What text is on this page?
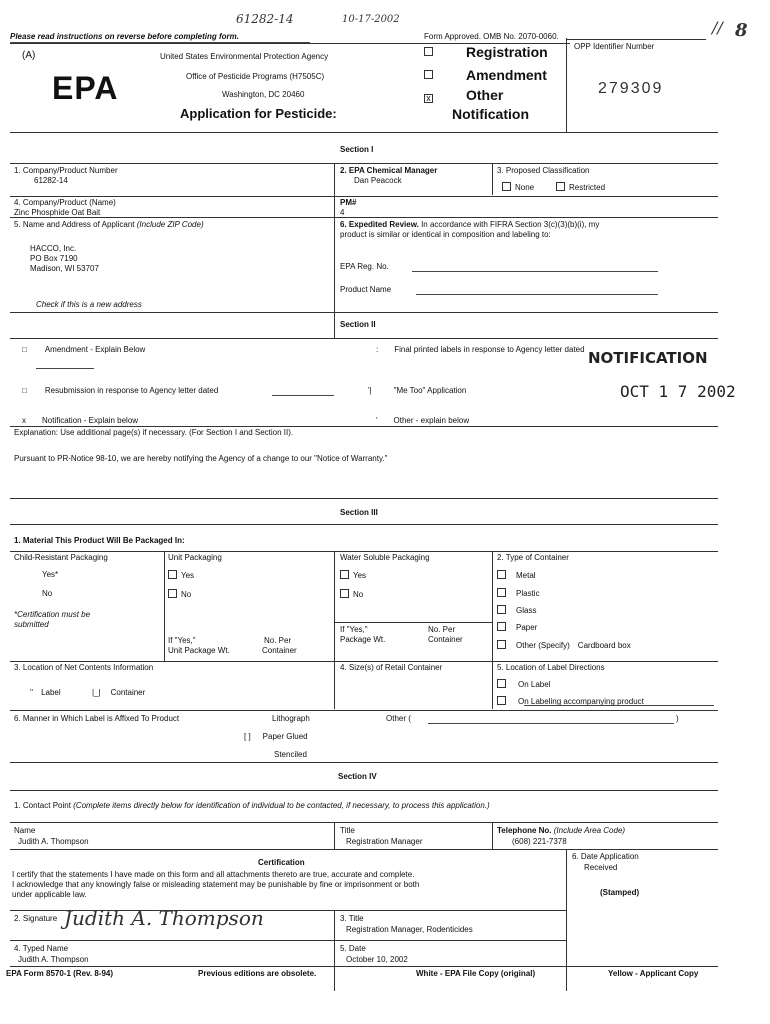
61282-14	10-17-2002
8
//
Please read instructions on reverse before completing form.	Form Approved. OMB No. 2070-0060.
(A)
EPA
United States Environmental Protection Agency
Office of Pesticide Programs (H7505C)
Washington, DC 20460
Application for Pesticide:
Registration
Amendment
x	Other
Notification
OPP Identifier Number
279309
Section I
1. Company/Product Number
61282-14
2. EPA Chemical Manager
Dan Peacock
3. Proposed Classification
None	Restricted
4. Company/Product (Name)
Zinc Phosphide Oat Bait
PM#
4
5. Name and Address of Applicant (Include ZIP Code)
HACCO, Inc.
PO Box 7190
Madison, WI 53707
Check if this is a new address
6. Expedited Review. In accordance with FIFRA Section 3(c)(3)(b)(i), my
product is similar or identical in composition and labeling to:
EPA Reg. No.
Product Name
Section II
□ Amendment - Explain Below	: Final printed labels in response to Agency letter dated NOTIFICATION
□ Resubmission in response to Agency letter dated	'|	"Me Too" Application	OCT 1 7 2002
x Notification - Explain below	' Other - explain below
Explanation: Use additional page(s) if necessary. (For Section I and Section II).
Pursuant to PR-Notice 98-10, we are hereby notifying the Agency of a change to our "Notice of Warranty."
Section III
1. Material This Product Will Be Packaged In:
Child-Resistant Packaging
Yes*
No
*Certification must be
submitted
Unit Packaging
Yes
No
If "Yes,"
Unit Package Wt.
No. Per
Container
Water Soluble Packaging
Yes
No
If "Yes,"
Package Wt.
No. Per
Container
2. Type of Container
Metal
Plastic
Glass
Paper
Other (Specify) Cardboard box
3. Location of Net Contents Information
'' Label	|_| Container
4. Size(s) of Retail Container	5. Location of Label Directions
On Label
On Labeling accompanying product
6. Manner in Which Label is Affixed To Product	Lithograph
[ ] Paper Glued
Stenciled
Other (	)
Section IV
1. Contact Point (Complete items directly below for identification of individual to be contacted, if necessary, to process this application.)
Name
Judith A. Thompson
Title
Registration Manager
Telephone No. (Include Area Code)
(608) 221-7378
Certification
I certify that the statements I have made on this form and all attachments thereto are true, accurate and complete.
I acknowledge that any knowingly false or misleading statement may be punishable by fine or imprisonment or both
under applicable law.
6. Date Application
Received
(Stamped)
2. Signature Judith A. Thompson	3. Title
Registration Manager, Rodenticides
4. Typed Name
Judith A. Thompson
5. Date
October 10, 2002
EPA Form 8570-1 (Rev. 8-94)	Previous editions are obsolete.	White - EPA File Copy (original)	Yellow - Applicant Copy
